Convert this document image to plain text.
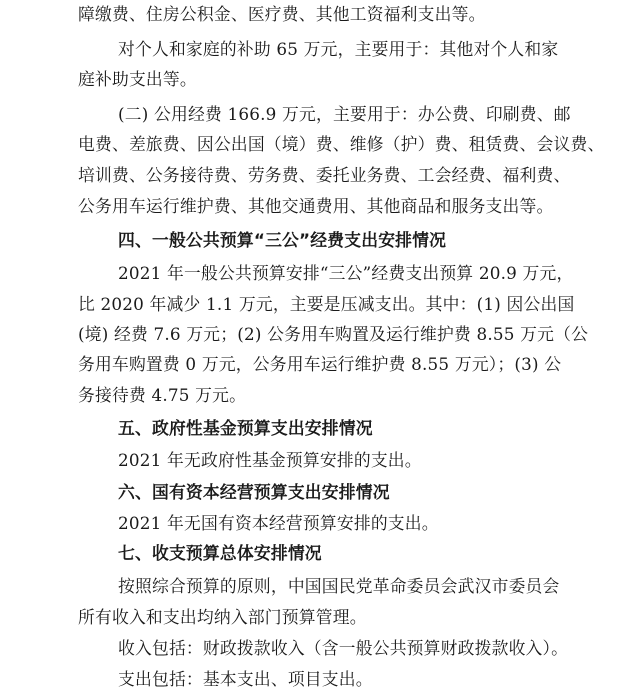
障缴费、住房公积金、医疗费、其他工资福利支出等。
对个人和家庭的补助 65 万元，主要用于：其他对个人和家
庭补助支出等。
(二) 公用经费 166.9 万元，主要用于：办公费、印刷费、邮
电费、差旅费、因公出国（境）费、维修（护）费、租赁费、会议费、
培训费、公务接待费、劳务费、委托业务费、工会经费、福利费、
公务用车运行维护费、其他交通费用、其他商品和服务支出等。
四、一般公共预算“三公”经费支出安排情况
2021 年一般公共预算安排“三公”经费支出预算 20.9 万元，
比 2020 年减少 1.1 万元，主要是压减支出。其中：(1) 因公出国
(境) 经费 7.6 万元；(2) 公务用车购置及运行维护费 8.55 万元（公
务用车购置费 0 万元，公务用车运行维护费 8.55 万元）；(3) 公
务接待费 4.75 万元。
五、政府性基金预算支出安排情况
2021 年无政府性基金预算安排的支出。
六、国有资本经营预算支出安排情况
2021 年无国有资本经营预算安排的支出。
七、收支预算总体安排情况
按照综合预算的原则，中国国民党革命委员会武汉市委员会
所有收入和支出均纳入部门预算管理。
收入包括：财政拨款收入（含一般公共预算财政拨款收入）。
支出包括：基本支出、项目支出。
